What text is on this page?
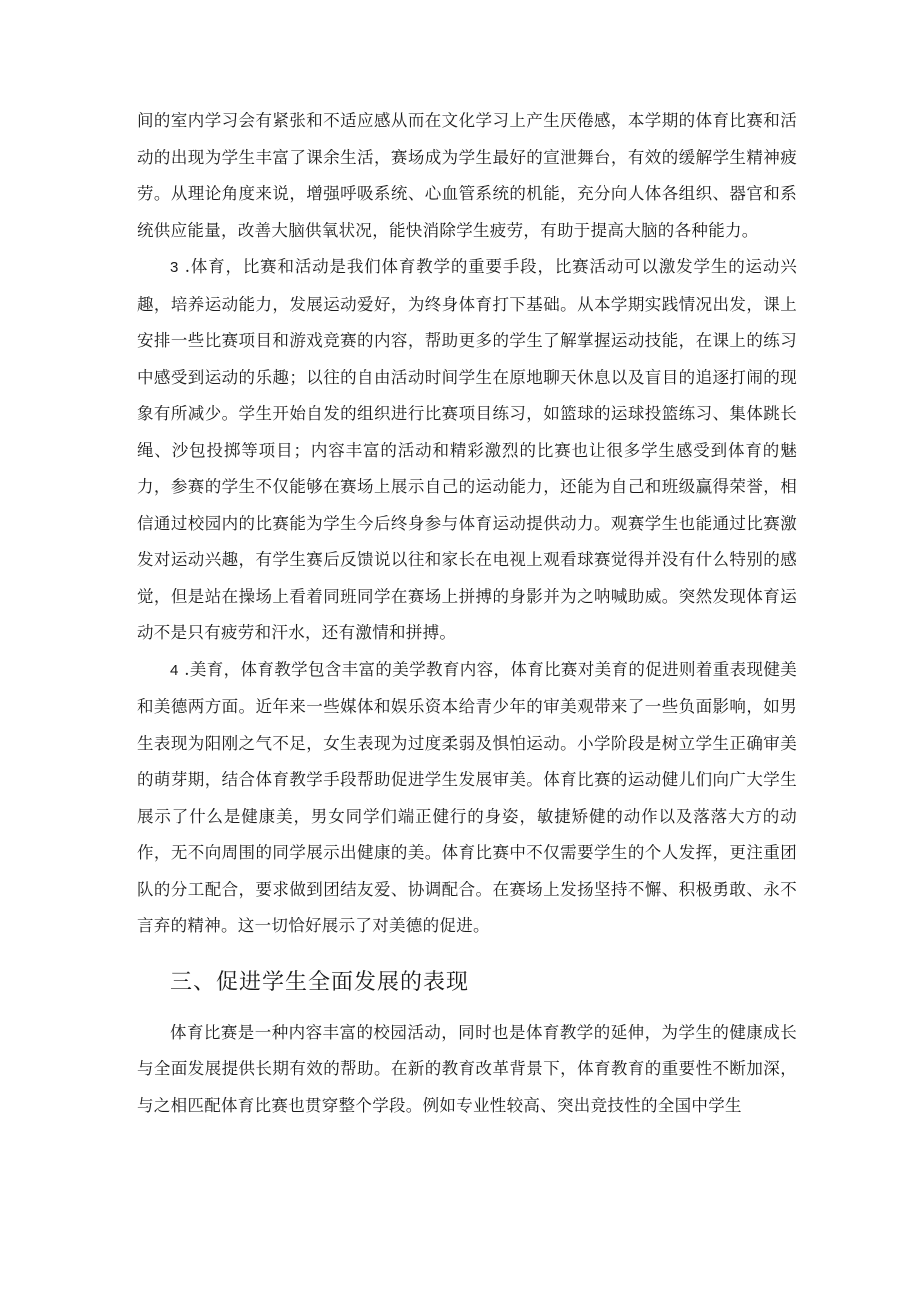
间的室内学习会有紧张和不适应感从而在文化学习上产生厌倦感，本学期的体育比赛和活动的出现为学生丰富了课余生活，赛场成为学生最好的宣泄舞台，有效的缓解学生精神疲劳。从理论角度来说，增强呼吸系统、心血管系统的机能，充分向人体各组织、器官和系统供应能量，改善大脑供氧状况，能快消除学生疲劳，有助于提高大脑的各种能力。

3 .体育，比赛和活动是我们体育教学的重要手段，比赛活动可以激发学生的运动兴趣，培养运动能力，发展运动爱好，为终身体育打下基础。从本学期实践情况出发，课上安排一些比赛项目和游戏竞赛的内容，帮助更多的学生了解掌握运动技能，在课上的练习中感受到运动的乐趣；以往的自由活动时间学生在原地聊天休息以及盲目的追逐打闹的现象有所减少。学生开始自发的组织进行比赛项目练习，如篮球的运球投篮练习、集体跳长绳、沙包投掷等项目；内容丰富的活动和精彩激烈的比赛也让很多学生感受到体育的魅力，参赛的学生不仅能够在赛场上展示自己的运动能力，还能为自己和班级赢得荣誉，相信通过校园内的比赛能为学生今后终身参与体育运动提供动力。观赛学生也能通过比赛激发对运动兴趣，有学生赛后反馈说以往和家长在电视上观看球赛觉得并没有什么特别的感觉，但是站在操场上看着同班同学在赛场上拼搏的身影并为之呐喊助威。突然发现体育运动不是只有疲劳和汗水，还有激情和拼搏。

4 .美育，体育教学包含丰富的美学教育内容，体育比赛对美育的促进则着重表现健美和美德两方面。近年来一些媒体和娱乐资本给青少年的审美观带来了一些负面影响，如男生表现为阳刚之气不足，女生表现为过度柔弱及惧怕运动。小学阶段是树立学生正确审美的萌芽期，结合体育教学手段帮助促进学生发展审美。体育比赛的运动健儿们向广大学生展示了什么是健康美，男女同学们端正健行的身姿，敏捷矫健的动作以及落落大方的动作，无不向周围的同学展示出健康的美。体育比赛中不仅需要学生的个人发挥，更注重团队的分工配合，要求做到团结友爱、协调配合。在赛场上发扬坚持不懈、积极勇敢、永不言弃的精神。这一切恰好展示了对美德的促进。

三、促进学生全面发展的表现

体育比赛是一种内容丰富的校园活动，同时也是体育教学的延伸，为学生的健康成长与全面发展提供长期有效的帮助。在新的教育改革背景下，体育教育的重要性不断加深，与之相匹配体育比赛也贯穿整个学段。例如专业性较高、突出竞技性的全国中学生
